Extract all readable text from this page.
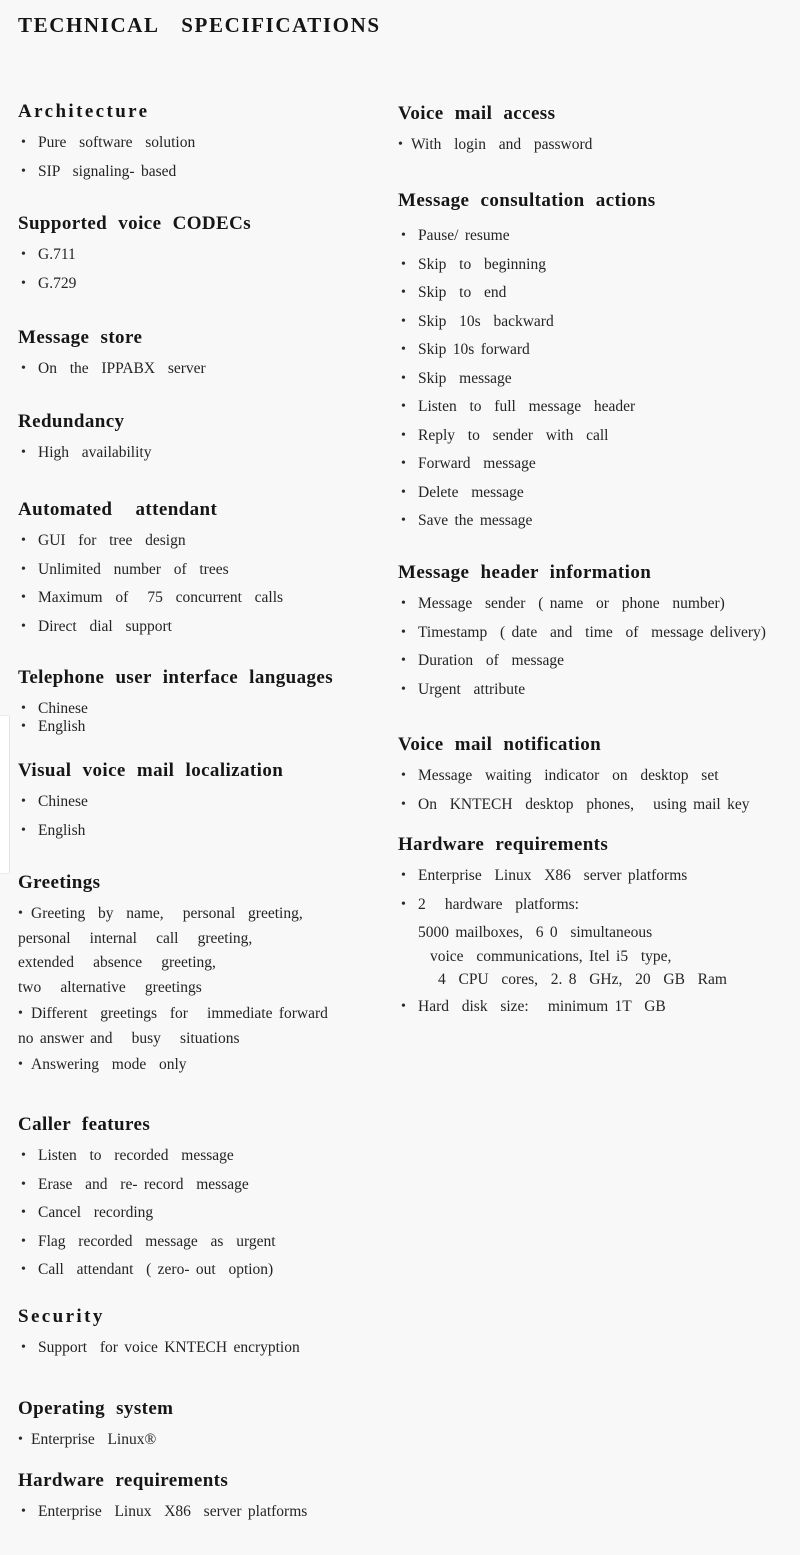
TECHNICAL SPECIFICATIONS
Architecture
• Pure  software  solution
• SIP  signaling- based
Supported voice CODECs
• G.711
• G.729
Message store
• On  the  IPPABX  server
Redundancy
• High  availability
Automated attendant
• GUI  for  tree  design
• Unlimited  number  of  trees
• Maximum  of   75  concurrent  calls
• Direct  dial  support
Telephone user interface languages
• Chinese
• English
Visual voice mail localization
• Chinese
• English
Greetings
• Greeting  by  name,   personal  greeting,
personal   internal   call   greeting,
extended   absence   greeting,
two   alternative   greetings
• Different  greetings  for   immediate forward
no answer and   busy   situations
• Answering  mode  only
Caller features
• Listen  to  recorded  message
• Erase  and  re- record  message
• Cancel  recording
• Flag  recorded  message  as  urgent
• Call  attendant  ( zero- out  option)
Security
• Support  for voice KNTECH encryption
Operating system
• Enterprise  Linux®
Hardware requirements
• Enterprise  Linux  X86  server platforms
Voice mail access
• With  login  and  password
Message consultation actions
• Pause/ resume
• Skip  to  beginning
• Skip  to  end
• Skip  10s  backward
• Skip 10s forward
• Skip  message
• Listen  to  full  message  header
• Reply  to  sender  with  call
• Forward  message
• Delete  message
• Save the message
Message header information
• Message  sender  ( name  or  phone  number)
• Timestamp  ( date  and  time  of  message delivery)
• Duration  of  message
• Urgent  attribute
Voice mail notification
• Message  waiting  indicator  on  desktop  set
• On  KNTECH  desktop  phones,   using mail key
Hardware requirements
• Enterprise  Linux  X86  server platforms
• 2   hardware  platforms:
5000 mailboxes,  6 0  simultaneous
voice  communications, Itel i5  type,
4  CPU  cores,  2. 8  GHz,  20  GB  Ram
• Hard  disk  size:   minimum 1T  GB
